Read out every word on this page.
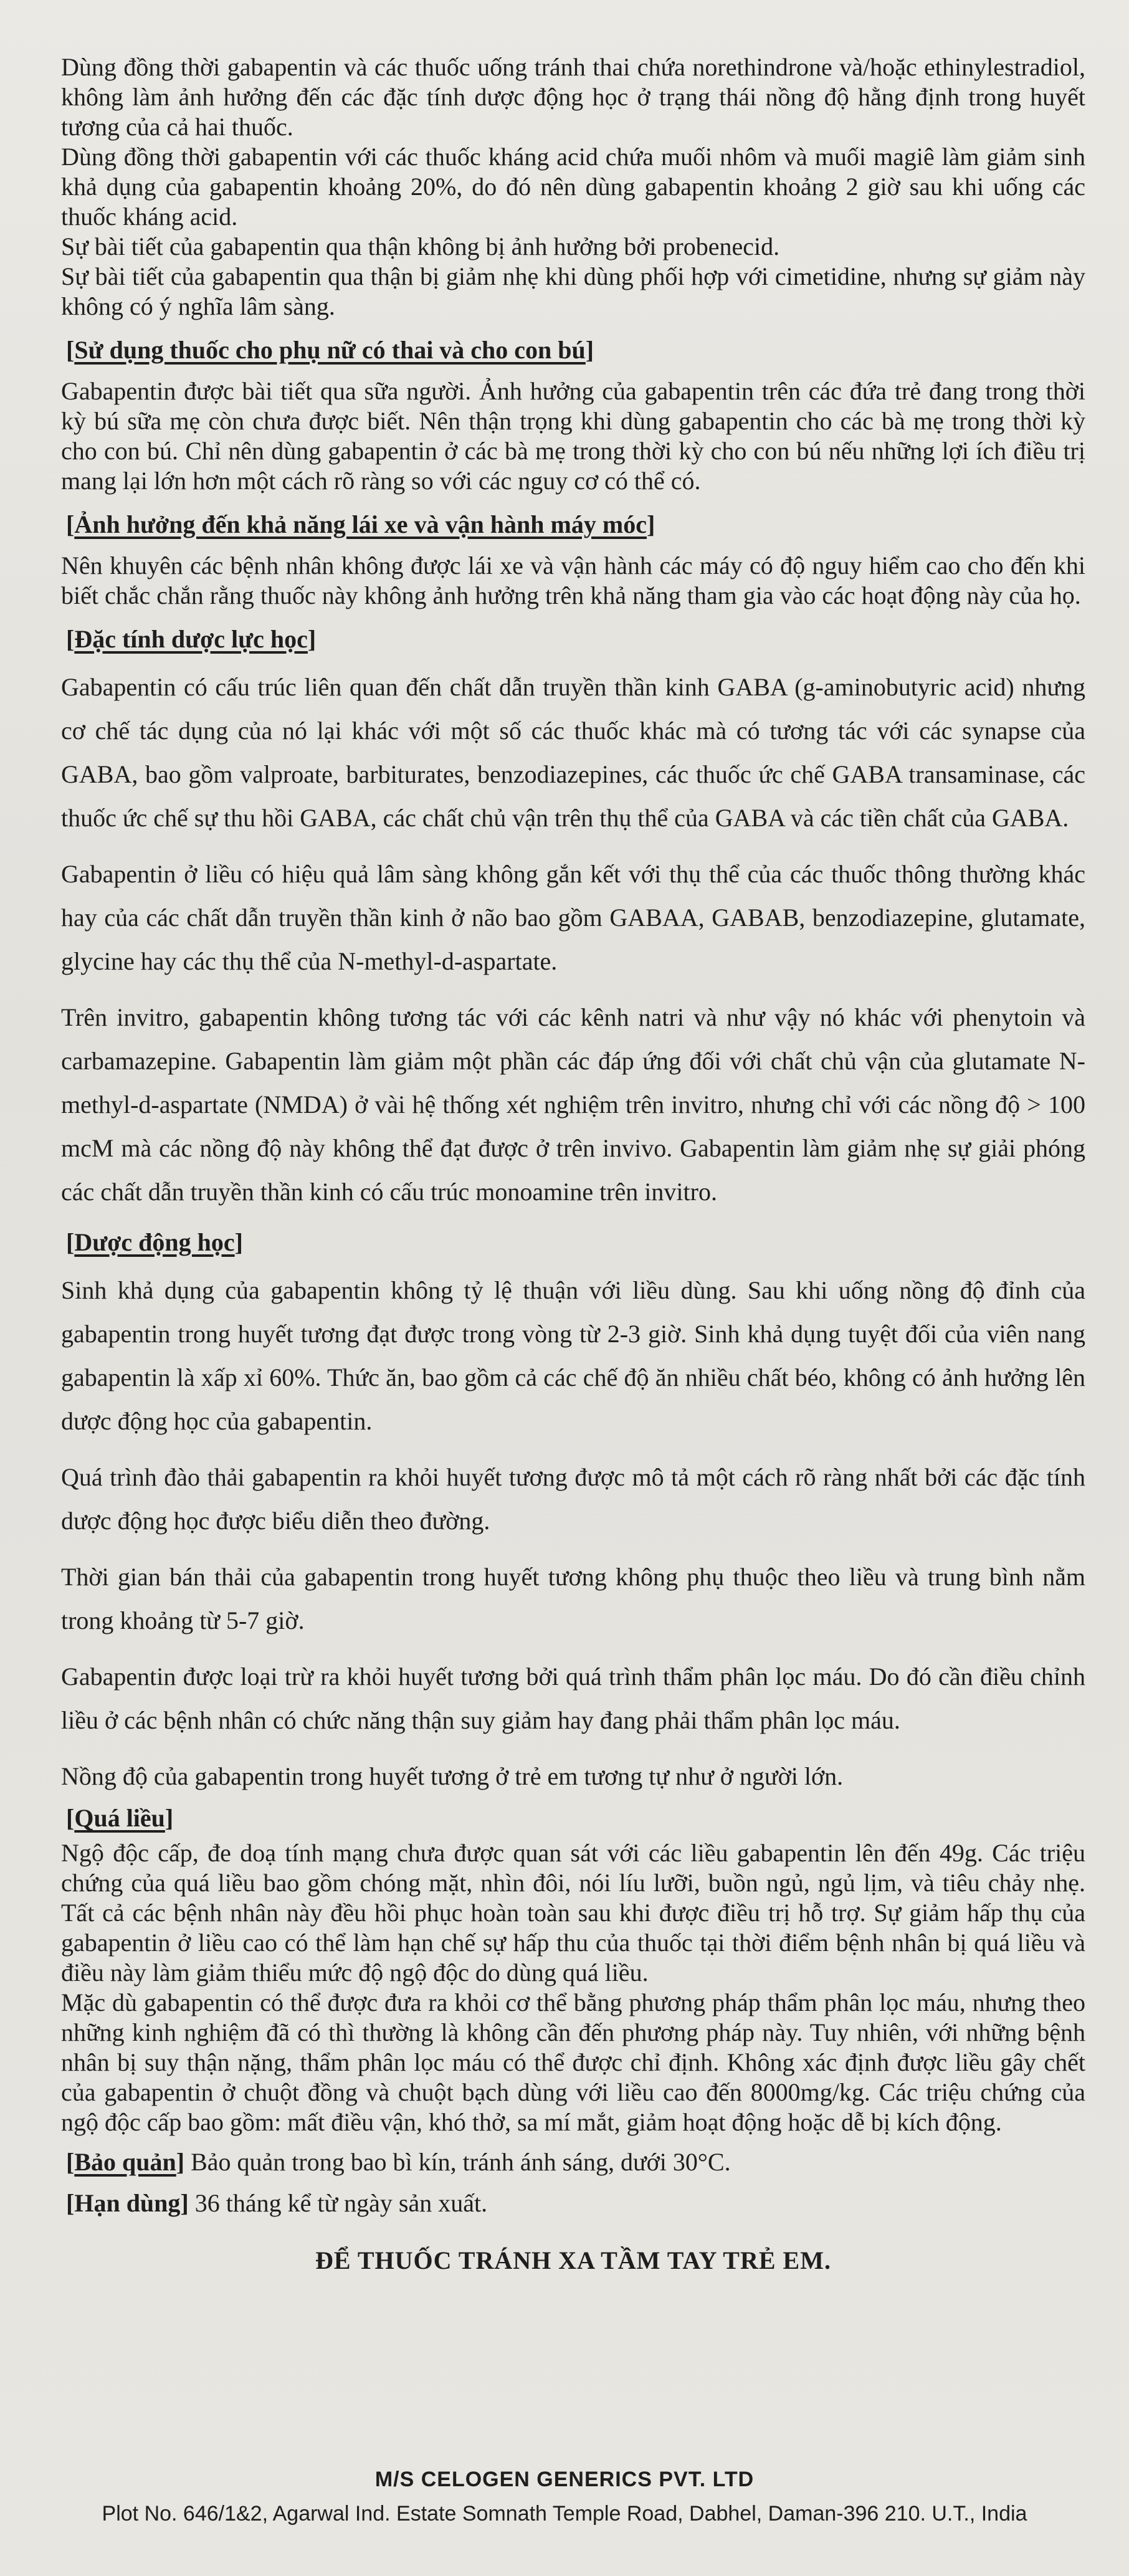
Dùng đồng thời gabapentin và các thuốc uống tránh thai chứa norethindrone và/hoặc ethinylestradiol, không làm ảnh hưởng đến các đặc tính dược động học ở trạng thái nồng độ hằng định trong huyết tương của cả hai thuốc.

Dùng đồng thời gabapentin với các thuốc kháng acid chứa muối nhôm và muối magiê làm giảm sinh khả dụng của gabapentin khoảng 20%, do đó nên dùng gabapentin khoảng 2 giờ sau khi uống các thuốc kháng acid.

Sự bài tiết của gabapentin qua thận không bị ảnh hưởng bởi probenecid.

Sự bài tiết của gabapentin qua thận bị giảm nhẹ khi dùng phối hợp với cimetidine, nhưng sự giảm này không có ý nghĩa lâm sàng.

[Sử dụng thuốc cho phụ nữ có thai và cho con bú]

Gabapentin được bài tiết qua sữa người. Ảnh hưởng của gabapentin trên các đứa trẻ đang trong thời kỳ bú sữa mẹ còn chưa được biết. Nên thận trọng khi dùng gabapentin cho các bà mẹ trong thời kỳ cho con bú. Chỉ nên dùng gabapentin ở các bà mẹ trong thời kỳ cho con bú nếu những lợi ích điều trị mang lại lớn hơn một cách rõ ràng so với các nguy cơ có thể có.

[Ảnh hưởng đến khả năng lái xe và vận hành máy móc]

Nên khuyên các bệnh nhân không được lái xe và vận hành các máy có độ nguy hiểm cao cho đến khi biết chắc chắn rằng thuốc này không ảnh hưởng trên khả năng tham gia vào các hoạt động này của họ.

[Đặc tính dược lực học]

Gabapentin có cấu trúc liên quan đến chất dẫn truyền thần kinh GABA (g-aminobutyric acid) nhưng cơ chế tác dụng của nó lại khác với một số các thuốc khác mà có tương tác với các synapse của GABA, bao gồm valproate, barbiturates, benzodiazepines, các thuốc ức chế GABA transaminase, các thuốc ức chế sự thu hồi GABA, các chất chủ vận trên thụ thể của GABA và các tiền chất của GABA.

Gabapentin ở liều có hiệu quả lâm sàng không gắn kết với thụ thể của các thuốc thông thường khác hay của các chất dẫn truyền thần kinh ở não bao gồm GABAA, GABAB, benzodiazepine, glutamate, glycine hay các thụ thể của N-methyl-d-aspartate.

Trên invitro, gabapentin không tương tác với các kênh natri và như vậy nó khác với phenytoin và carbamazepine. Gabapentin làm giảm một phần các đáp ứng đối với chất chủ vận của glutamate N-methyl-d-aspartate (NMDA) ở vài hệ thống xét nghiệm trên invitro, nhưng chỉ với các nồng độ > 100 mcM mà các nồng độ này không thể đạt được ở trên invivo. Gabapentin làm giảm nhẹ sự giải phóng các chất dẫn truyền thần kinh có cấu trúc monoamine trên invitro.

[Dược động học]

Sinh khả dụng của gabapentin không tỷ lệ thuận với liều dùng. Sau khi uống nồng độ đỉnh của gabapentin trong huyết tương đạt được trong vòng từ 2-3 giờ. Sinh khả dụng tuyệt đối của viên nang gabapentin là xấp xỉ 60%. Thức ăn, bao gồm cả các chế độ ăn nhiều chất béo, không có ảnh hưởng lên dược động học của gabapentin.

Quá trình đào thải gabapentin ra khỏi huyết tương được mô tả một cách rõ ràng nhất bởi các đặc tính dược động học được biểu diễn theo đường.

Thời gian bán thải của gabapentin trong huyết tương không phụ thuộc theo liều và trung bình nằm trong khoảng từ 5-7 giờ.

Gabapentin được loại trừ ra khỏi huyết tương bởi quá trình thẩm phân lọc máu. Do đó cần điều chỉnh liều ở các bệnh nhân có chức năng thận suy giảm hay đang phải thẩm phân lọc máu.

Nồng độ của gabapentin trong huyết tương ở trẻ em tương tự như ở người lớn.

[Quá liều]

Ngộ độc cấp, đe doạ tính mạng chưa được quan sát với các liều gabapentin lên đến 49g. Các triệu chứng của quá liều bao gồm chóng mặt, nhìn đôi, nói líu lưỡi, buồn ngủ, ngủ lịm, và tiêu chảy nhẹ. Tất cả các bệnh nhân này đều hồi phục hoàn toàn sau khi được điều trị hỗ trợ. Sự giảm hấp thụ của gabapentin ở liều cao có thể làm hạn chế sự hấp thu của thuốc tại thời điểm bệnh nhân bị quá liều và điều này làm giảm thiểu mức độ ngộ độc do dùng quá liều.

Mặc dù gabapentin có thể được đưa ra khỏi cơ thể bằng phương pháp thẩm phân lọc máu, nhưng theo những kinh nghiệm đã có thì thường là không cần đến phương pháp này. Tuy nhiên, với những bệnh nhân bị suy thận nặng, thẩm phân lọc máu có thể được chỉ định. Không xác định được liều gây chết của gabapentin ở chuột đồng và chuột bạch dùng với liều cao đến 8000mg/kg. Các triệu chứng của ngộ độc cấp bao gồm: mất điều vận, khó thở, sa mí mắt, giảm hoạt động hoặc dễ bị kích động.

[Bảo quản] Bảo quản trong bao bì kín, tránh ánh sáng, dưới 30°C.
[Hạn dùng] 36 tháng kể từ ngày sản xuất.
ĐỂ THUỐC TRÁNH XA TẦM TAY TRẺ EM.

M/S CELOGEN GENERICS PVT. LTD

Plot No. 646/1&2, Agarwal Ind. Estate Somnath Temple Road, Dabhel, Daman-396 210. U.T., India
